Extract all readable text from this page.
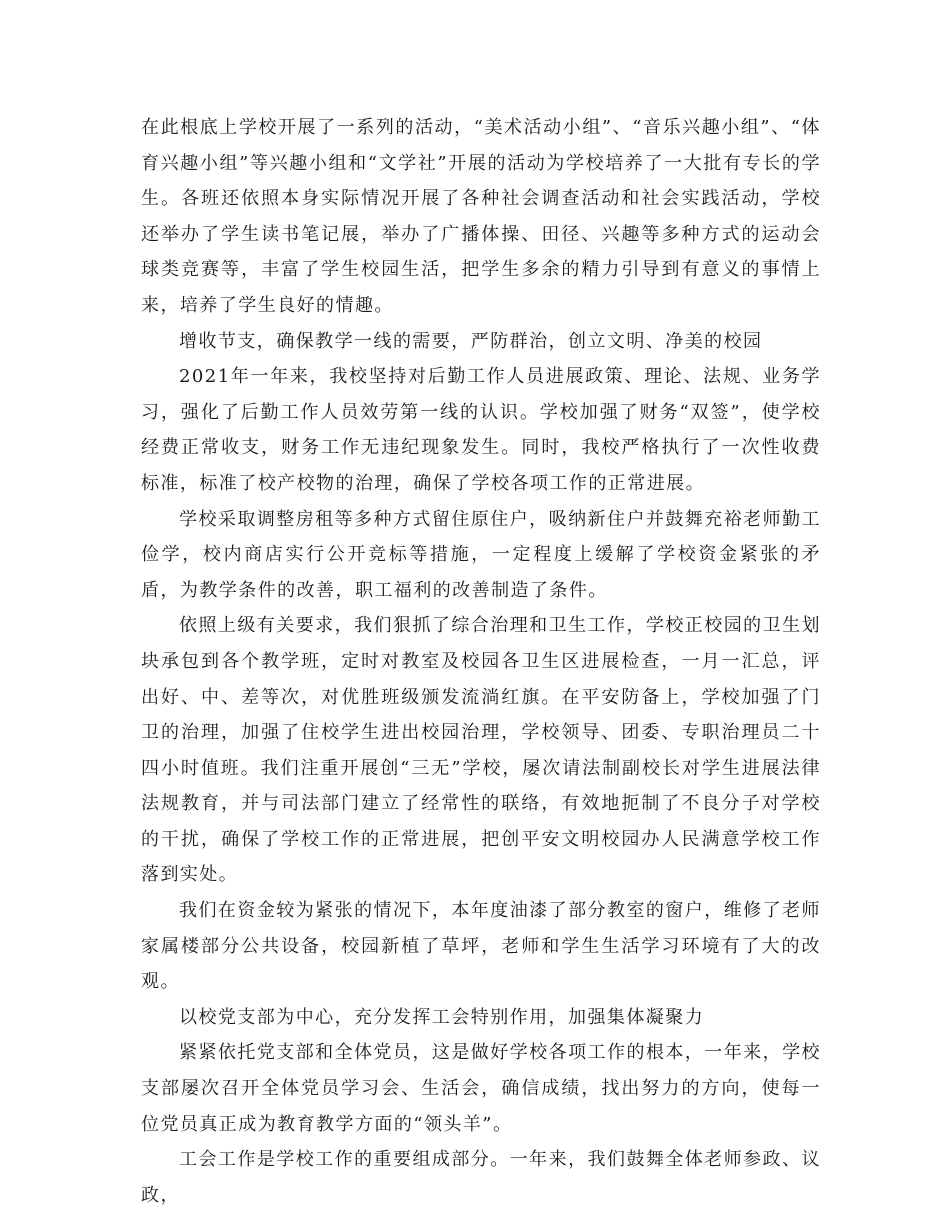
在此根底上学校开展了一系列的活动，“美术活动小组”、“音乐兴趣小组”、“体育兴趣小组”等兴趣小组和“文学社”开展的活动为学校培养了一大批有专长的学生。各班还依照本身实际情况开展了各种社会调查活动和社会实践活动，学校还举办了学生读书笔记展，举办了广播体操、田径、兴趣等多种方式的运动会球类竞赛等，丰富了学生校园生活，把学生多余的精力引导到有意义的事情上来，培养了学生良好的情趣。

增收节支，确保教学一线的需要，严防群治，创立文明、净美的校园

2021年一年来，我校坚持对后勤工作人员进展政策、理论、法规、业务学习，强化了后勤工作人员效劳第一线的认识。学校加强了财务“双签”，使学校经费正常收支，财务工作无违纪现象发生。同时，我校严格执行了一次性收费标准，标准了校产校物的治理，确保了学校各项工作的正常进展。

学校采取调整房租等多种方式留住原住户，吸纳新住户并鼓舞充裕老师勤工俭学，校内商店实行公开竞标等措施，一定程度上缓解了学校资金紧张的矛盾，为教学条件的改善，职工福利的改善制造了条件。

依照上级有关要求，我们狠抓了综合治理和卫生工作，学校正校园的卫生划块承包到各个教学班，定时对教室及校园各卫生区进展检查，一月一汇总，评出好、中、差等次，对优胜班级颁发流淌红旗。在平安防备上，学校加强了门卫的治理，加强了住校学生进出校园治理，学校领导、团委、专职治理员二十四小时值班。我们注重开展创“三无”学校，屡次请法制副校长对学生进展法律法规教育，并与司法部门建立了经常性的联络，有效地扼制了不良分子对学校的干扰，确保了学校工作的正常进展，把创平安文明校园办人民满意学校工作落到实处。

我们在资金较为紧张的情况下，本年度油漆了部分教室的窗户，维修了老师家属楼部分公共设备，校园新植了草坪，老师和学生生活学习环境有了大的改观。

以校党支部为中心，充分发挥工会特别作用，加强集体凝聚力

紧紧依托党支部和全体党员，这是做好学校各项工作的根本，一年来，学校支部屡次召开全体党员学习会、生活会，确信成绩，找出努力的方向，使每一位党员真正成为教育教学方面的“领头羊”。

工会工作是学校工作的重要组成部分。一年来，我们鼓舞全体老师参政、议政，
